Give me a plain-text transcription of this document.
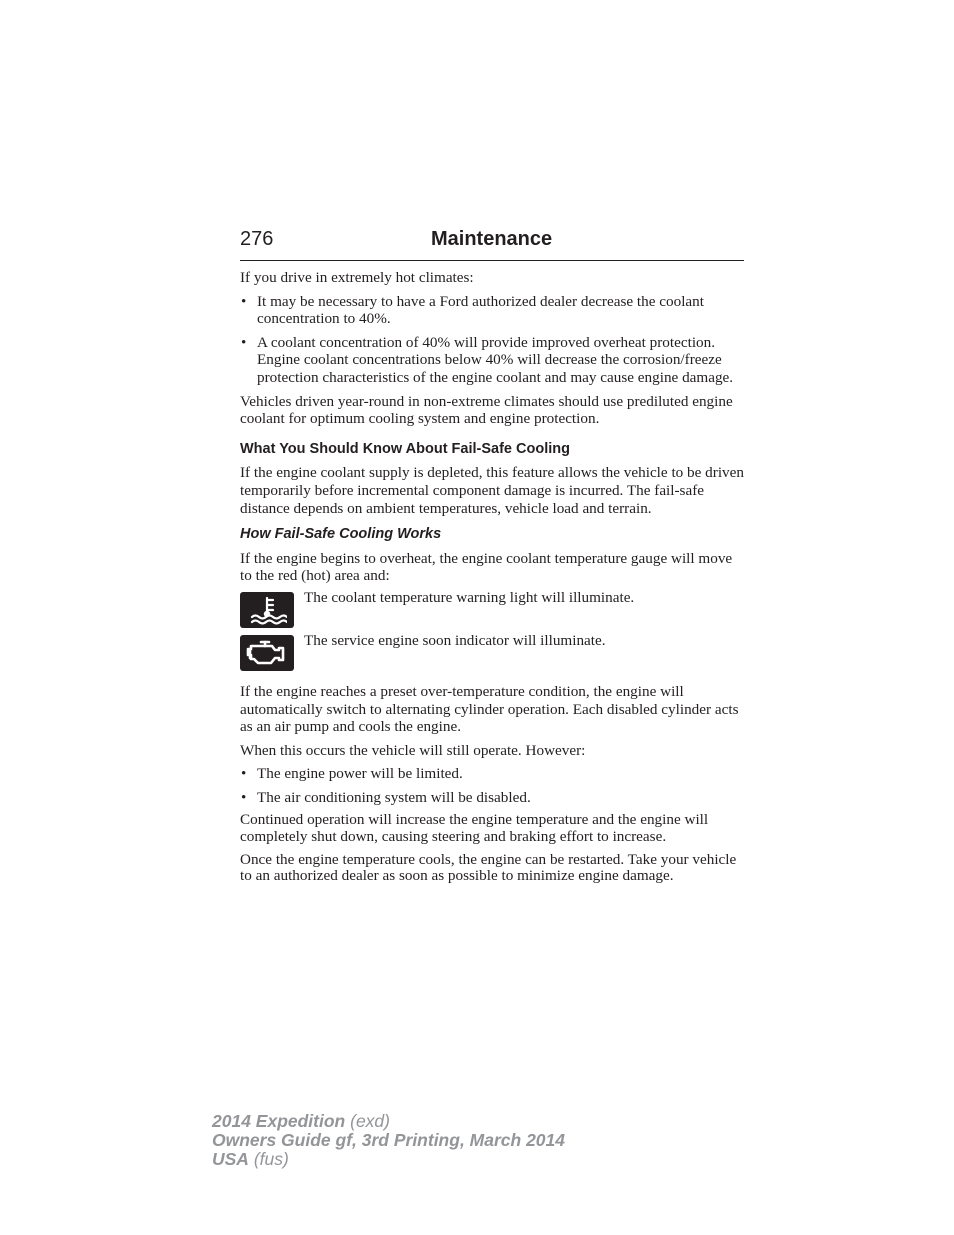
276	Maintenance

If you drive in extremely hot climates:

• It may be necessary to have a Ford authorized dealer decrease the coolant concentration to 40%.
• A coolant concentration of 40% will provide improved overheat protection. Engine coolant concentrations below 40% will decrease the corrosion/freeze protection characteristics of the engine coolant and may cause engine damage.

Vehicles driven year-round in non-extreme climates should use prediluted engine coolant for optimum cooling system and engine protection.

What You Should Know About Fail-Safe Cooling

If the engine coolant supply is depleted, this feature allows the vehicle to be driven temporarily before incremental component damage is incurred. The fail-safe distance depends on ambient temperatures, vehicle load and terrain.

How Fail-Safe Cooling Works

If the engine begins to overheat, the engine coolant temperature gauge will move to the red (hot) area and:

The coolant temperature warning light will illuminate.

The service engine soon indicator will illuminate.

If the engine reaches a preset over-temperature condition, the engine will automatically switch to alternating cylinder operation. Each disabled cylinder acts as an air pump and cools the engine.

When this occurs the vehicle will still operate. However:

• The engine power will be limited.
• The air conditioning system will be disabled.

Continued operation will increase the engine temperature and the engine will completely shut down, causing steering and braking effort to increase.

Once the engine temperature cools, the engine can be restarted. Take your vehicle to an authorized dealer as soon as possible to minimize engine damage.

2014 Expedition (exd)
Owners Guide gf, 3rd Printing, March 2014
USA (fus)
